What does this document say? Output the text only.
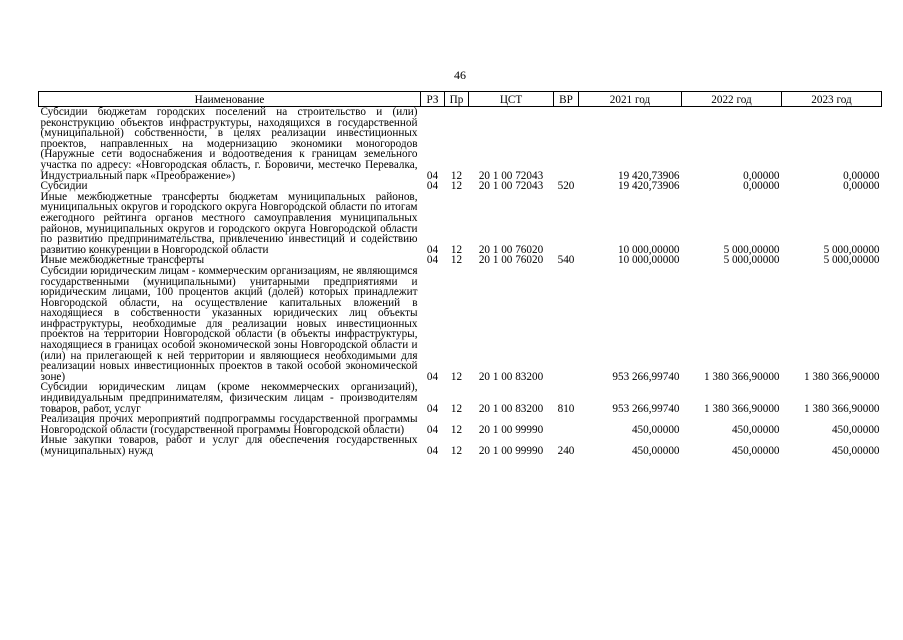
46
Наименование	РЗ	Пр	ЦСТ	ВР	2021 год	2022 год	2023 год
Субсидии бюджетам городских поселений на строительство и (или) реконструкцию объектов инфраструктуры, находящихся в государственной (муниципальной) собственности, в целях реализации инвестиционных проектов, направленных на модернизацию экономики моногородов (Наружные сети водоснабжения и водоотведения к границам земельного участка по адресу: «Новгородская область, г. Боровичи, местечко Перевалка, Индустриальный парк «Преображение»)	04	12	20 1 00 72043		19 420,73906	0,00000	0,00000
Субсидии	04	12	20 1 00 72043	520	19 420,73906	0,00000	0,00000
Иные межбюджетные трансферты бюджетам муниципальных районов, муниципальных округов и городского округа Новгородской области по итогам ежегодного рейтинга органов местного самоуправления муниципальных районов, муниципальных округов и городского округа Новгородской области по развитию предпринимательства, привлечению инвестиций и содействию развитию конкуренции в Новгородской области	04	12	20 1 00 76020		10 000,00000	5 000,00000	5 000,00000
Иные межбюджетные трансферты	04	12	20 1 00 76020	540	10 000,00000	5 000,00000	5 000,00000
Субсидии юридическим лицам - коммерческим организациям, не являющимся государственными (муниципальными) унитарными предприятиями и юридическим лицами, 100 процентов акций (долей) которых принадлежит Новгородской области, на осуществление капитальных вложений в находящиеся в собственности указанных юридических лиц объекты инфраструктуры, необходимые для реализации новых инвестиционных проектов на территории Новгородской области (в объекты инфраструктуры, находящиеся в границах особой экономической зоны Новгородской области и (или) на прилегающей к ней территории и являющиеся необходимыми для реализации новых инвестиционных проектов в такой особой экономической зоне)	04	12	20 1 00 83200		953 266,99740	1 380 366,90000	1 380 366,90000
Субсидии юридическим лицам (кроме некоммерческих организаций), индивидуальным предпринимателям, физическим лицам - производителям товаров, работ, услуг	04	12	20 1 00 83200	810	953 266,99740	1 380 366,90000	1 380 366,90000
Реализация прочих мероприятий подпрограммы государственной программы Новгородской области (государственной программы Новгородской области)	04	12	20 1 00 99990		450,00000	450,00000	450,00000
Иные закупки товаров, работ и услуг для обеспечения государственных (муниципальных) нужд	04	12	20 1 00 99990	240	450,00000	450,00000	450,00000
